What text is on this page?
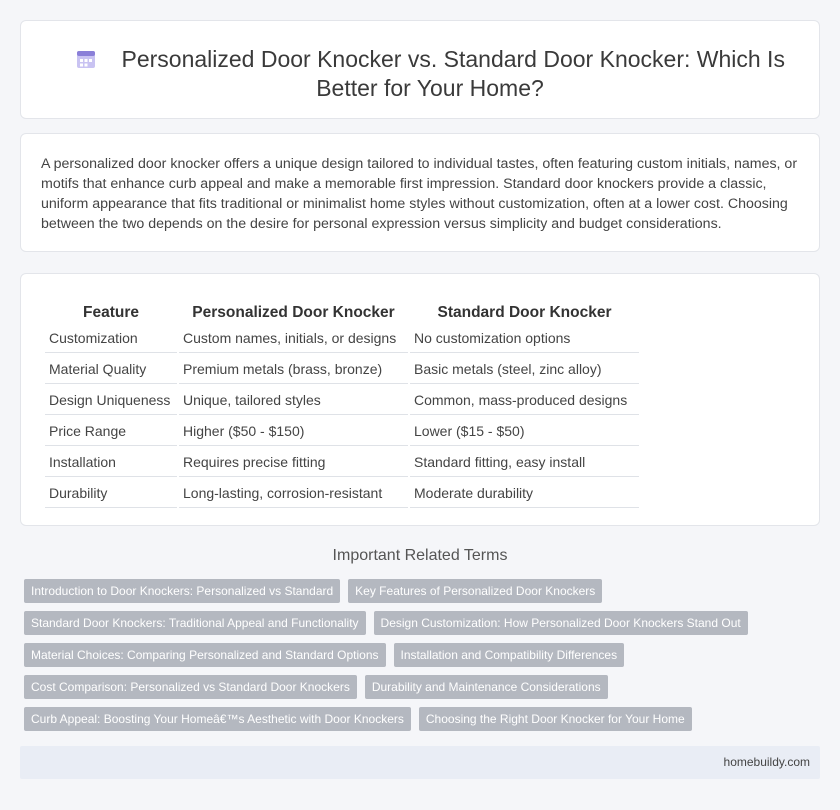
Personalized Door Knocker vs. Standard Door Knocker: Which Is Better for Your Home?

A personalized door knocker offers a unique design tailored to individual tastes, often featuring custom initials, names, or motifs that enhance curb appeal and make a memorable first impression. Standard door knockers provide a classic, uniform appearance that fits traditional or minimalist home styles without customization, often at a lower cost. Choosing between the two depends on the desire for personal expression versus simplicity and budget considerations.

Feature	Personalized Door Knocker	Standard Door Knocker
Customization	Custom names, initials, or designs	No customization options
Material Quality	Premium metals (brass, bronze)	Basic metals (steel, zinc alloy)
Design Uniqueness	Unique, tailored styles	Common, mass-produced designs
Price Range	Higher ($50 - $150)	Lower ($15 - $50)
Installation	Requires precise fitting	Standard fitting, easy install
Durability	Long-lasting, corrosion-resistant	Moderate durability
Important Related Terms
Introduction to Door Knockers: Personalized vs Standard	Key Features of Personalized Door Knockers
Standard Door Knockers: Traditional Appeal and Functionality	Design Customization: How Personalized Door Knockers Stand Out
Material Choices: Comparing Personalized and Standard Options	Installation and Compatibility Differences
Cost Comparison: Personalized vs Standard Door Knockers	Durability and Maintenance Considerations
Curb Appeal: Boosting Your Homeâ€™s Aesthetic with Door Knockers	Choosing the Right Door Knocker for Your Home
homebuildy.com
